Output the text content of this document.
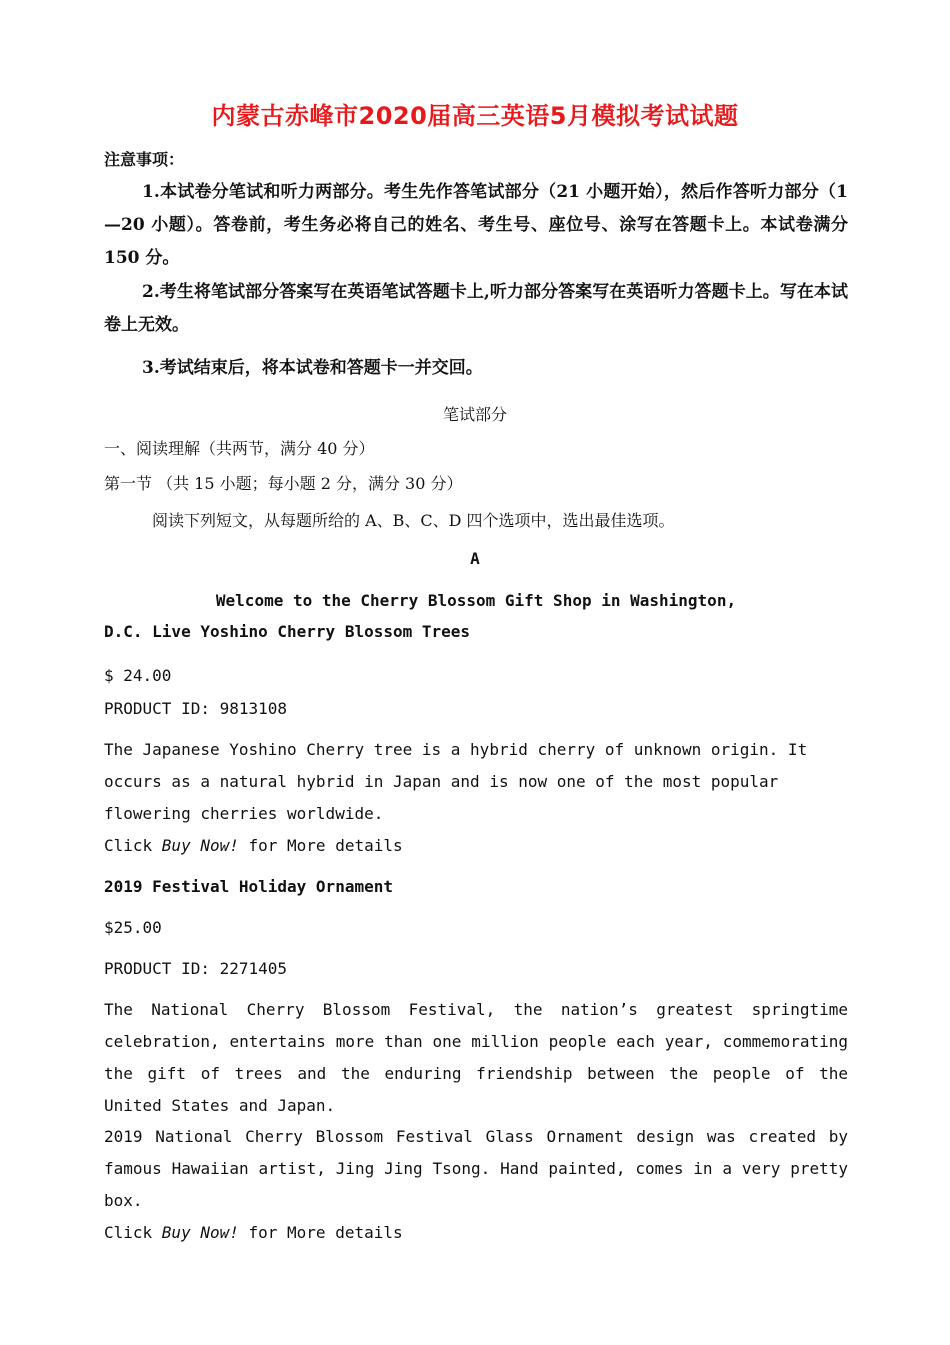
内蒙古赤峰市2020届高三英语5月模拟考试试题
注意事项：
1.本试卷分笔试和听力两部分。考生先作答笔试部分（21 小题开始），然后作答听力部分（1—20 小题）。答卷前，考生务必将自己的姓名、考生号、座位号、涂写在答题卡上。本试卷满分 150 分。
2.考生将笔试部分答案写在英语笔试答题卡上,听力部分答案写在英语听力答题卡上。写在本试卷上无效。
3.考试结束后，将本试卷和答题卡一并交回。
笔试部分
一、阅读理解（共两节，满分 40 分）
第一节 （共 15 小题；每小题 2 分，满分 30 分）
阅读下列短文，从每题所给的 A、B、C、D 四个选项中，选出最佳选项。
A
Welcome to the Cherry Blossom Gift Shop in Washington,
D.C. Live Yoshino Cherry Blossom Trees
$ 24.00
PRODUCT ID: 9813108
The Japanese Yoshino Cherry tree is a hybrid cherry of unknown origin. It occurs as a natural hybrid in Japan and is now one of the most popular flowering cherries worldwide.
Click Buy Now! for More details
2019 Festival Holiday Ornament
$25.00
PRODUCT ID: 2271405
The National Cherry Blossom Festival, the nation’s greatest springtime celebration, entertains more than one million people each year, commemorating the gift of trees and the enduring friendship between the people of the United States and Japan.
2019 National Cherry Blossom Festival Glass Ornament design was created by famous Hawaiian artist, Jing Jing Tsong. Hand painted, comes in a very pretty box.
Click Buy Now! for More details
